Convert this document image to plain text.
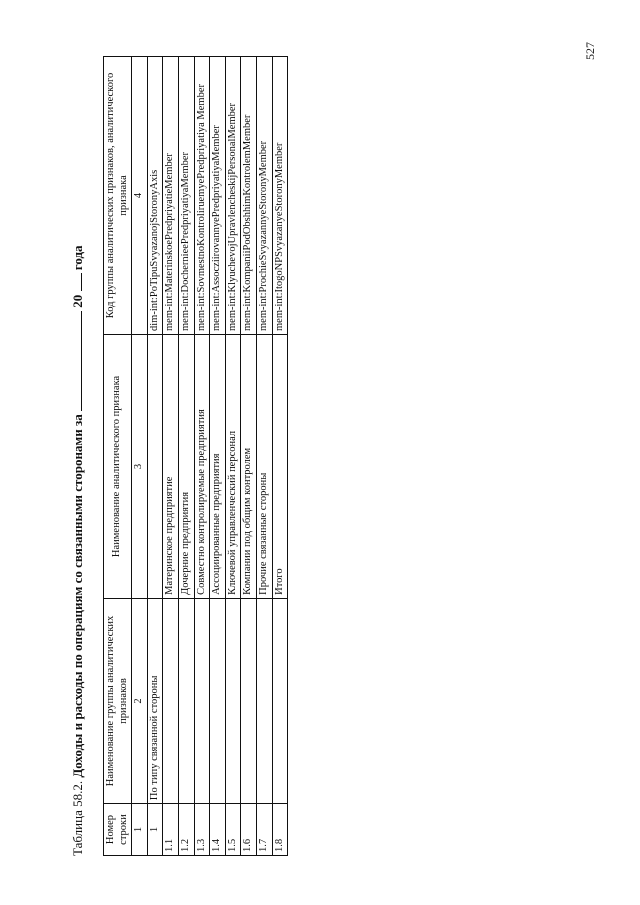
527
Таблица 58.2. Доходы и расходы по операциям со связанными сторонами за  20  года
Номер строки	Наименование группы аналитических признаков	Наименование аналитического признака	Код группы аналитических признаков, аналитического признака
1	2	3	4
1	По типу связанной стороны		dim-int:PoTipuSvyazanojStoronyAxis
1.1		Материнское предприятие	mem-int:MaterinskoePredpriyatieMember
1.2		Дочерние предприятия	mem-int:DochernieePredpriyatiyaMember
1.3		Совместно контролируемые предприятия	mem-int:SovmestnoKontroliruemyePredpriyatiya Member
1.4		Ассоциированные предприятия	mem-int:AssocziirovannyePredpriyatiyaMember
1.5		Ключевой управленческий персонал	mem-int:KlyuchevojUpravlencheskijPersonalMember
1.6		Компании под общим контролем	mem-int:KompaniiPodObshhimKontrolemMember
1.7		Прочие связанные стороны	mem-int:ProchieSvyazannyeStoronyMember
1.8		Итого	mem-int:ItogoNPSvyazanyeStoronyMember
